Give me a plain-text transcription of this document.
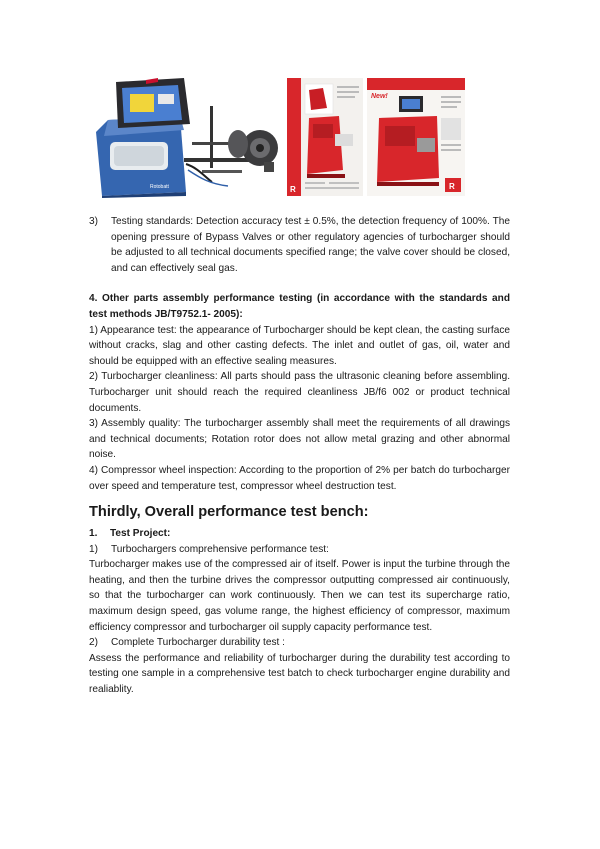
Rotobatt	R
New!
R
3)	Testing standards: Detection accuracy test ± 0.5%, the detection frequency of 100%. The opening pressure of Bypass Valves or other regulatory agencies of turbocharger should be adjusted to all technical documents specified range; the valve cover should be closed, and can effectively seal gas.

4. Other parts assembly performance testing (in accordance with the standards and test methods JB/T9752.1- 2005):

1) Appearance test: the appearance of Turbocharger should be kept clean, the casting surface without cracks, slag and other casting defects. The inlet and outlet of gas, oil, water and should be equipped with an effective sealing measures.

2) Turbocharger cleanliness: All parts should pass the ultrasonic cleaning before assembling. Turbocharger unit should reach the required cleanliness JB/f6 002 or product technical documents.

3) Assembly quality: The turbocharger assembly shall meet the requirements of all drawings and technical documents; Rotation rotor does not allow metal grazing and other abnormal noise.

4) Compressor wheel inspection: According to the proportion of 2% per batch do turbocharger over speed and temperature test, compressor wheel destruction test.

Thirdly, Overall performance test bench:
1.	Test Project:
1)	Turbochargers comprehensive performance test:

Turbocharger makes use of the compressed air of itself. Power is input the turbine through the heating, and then the turbine drives the compressor outputting compressed air continuously, so that the turbocharger can work continuously. Then we can test its supercharge ratio, maximum design speed, gas volume range, the highest efficiency of compressor, maximum efficiency compressor and turbocharger oil supply capacity performance test.

2)	Complete Turbocharger durability test :

Assess the performance and reliability of turbocharger during the durability test according to testing one sample in a comprehensive test batch to check turbocharger engine durability and realiablity.
